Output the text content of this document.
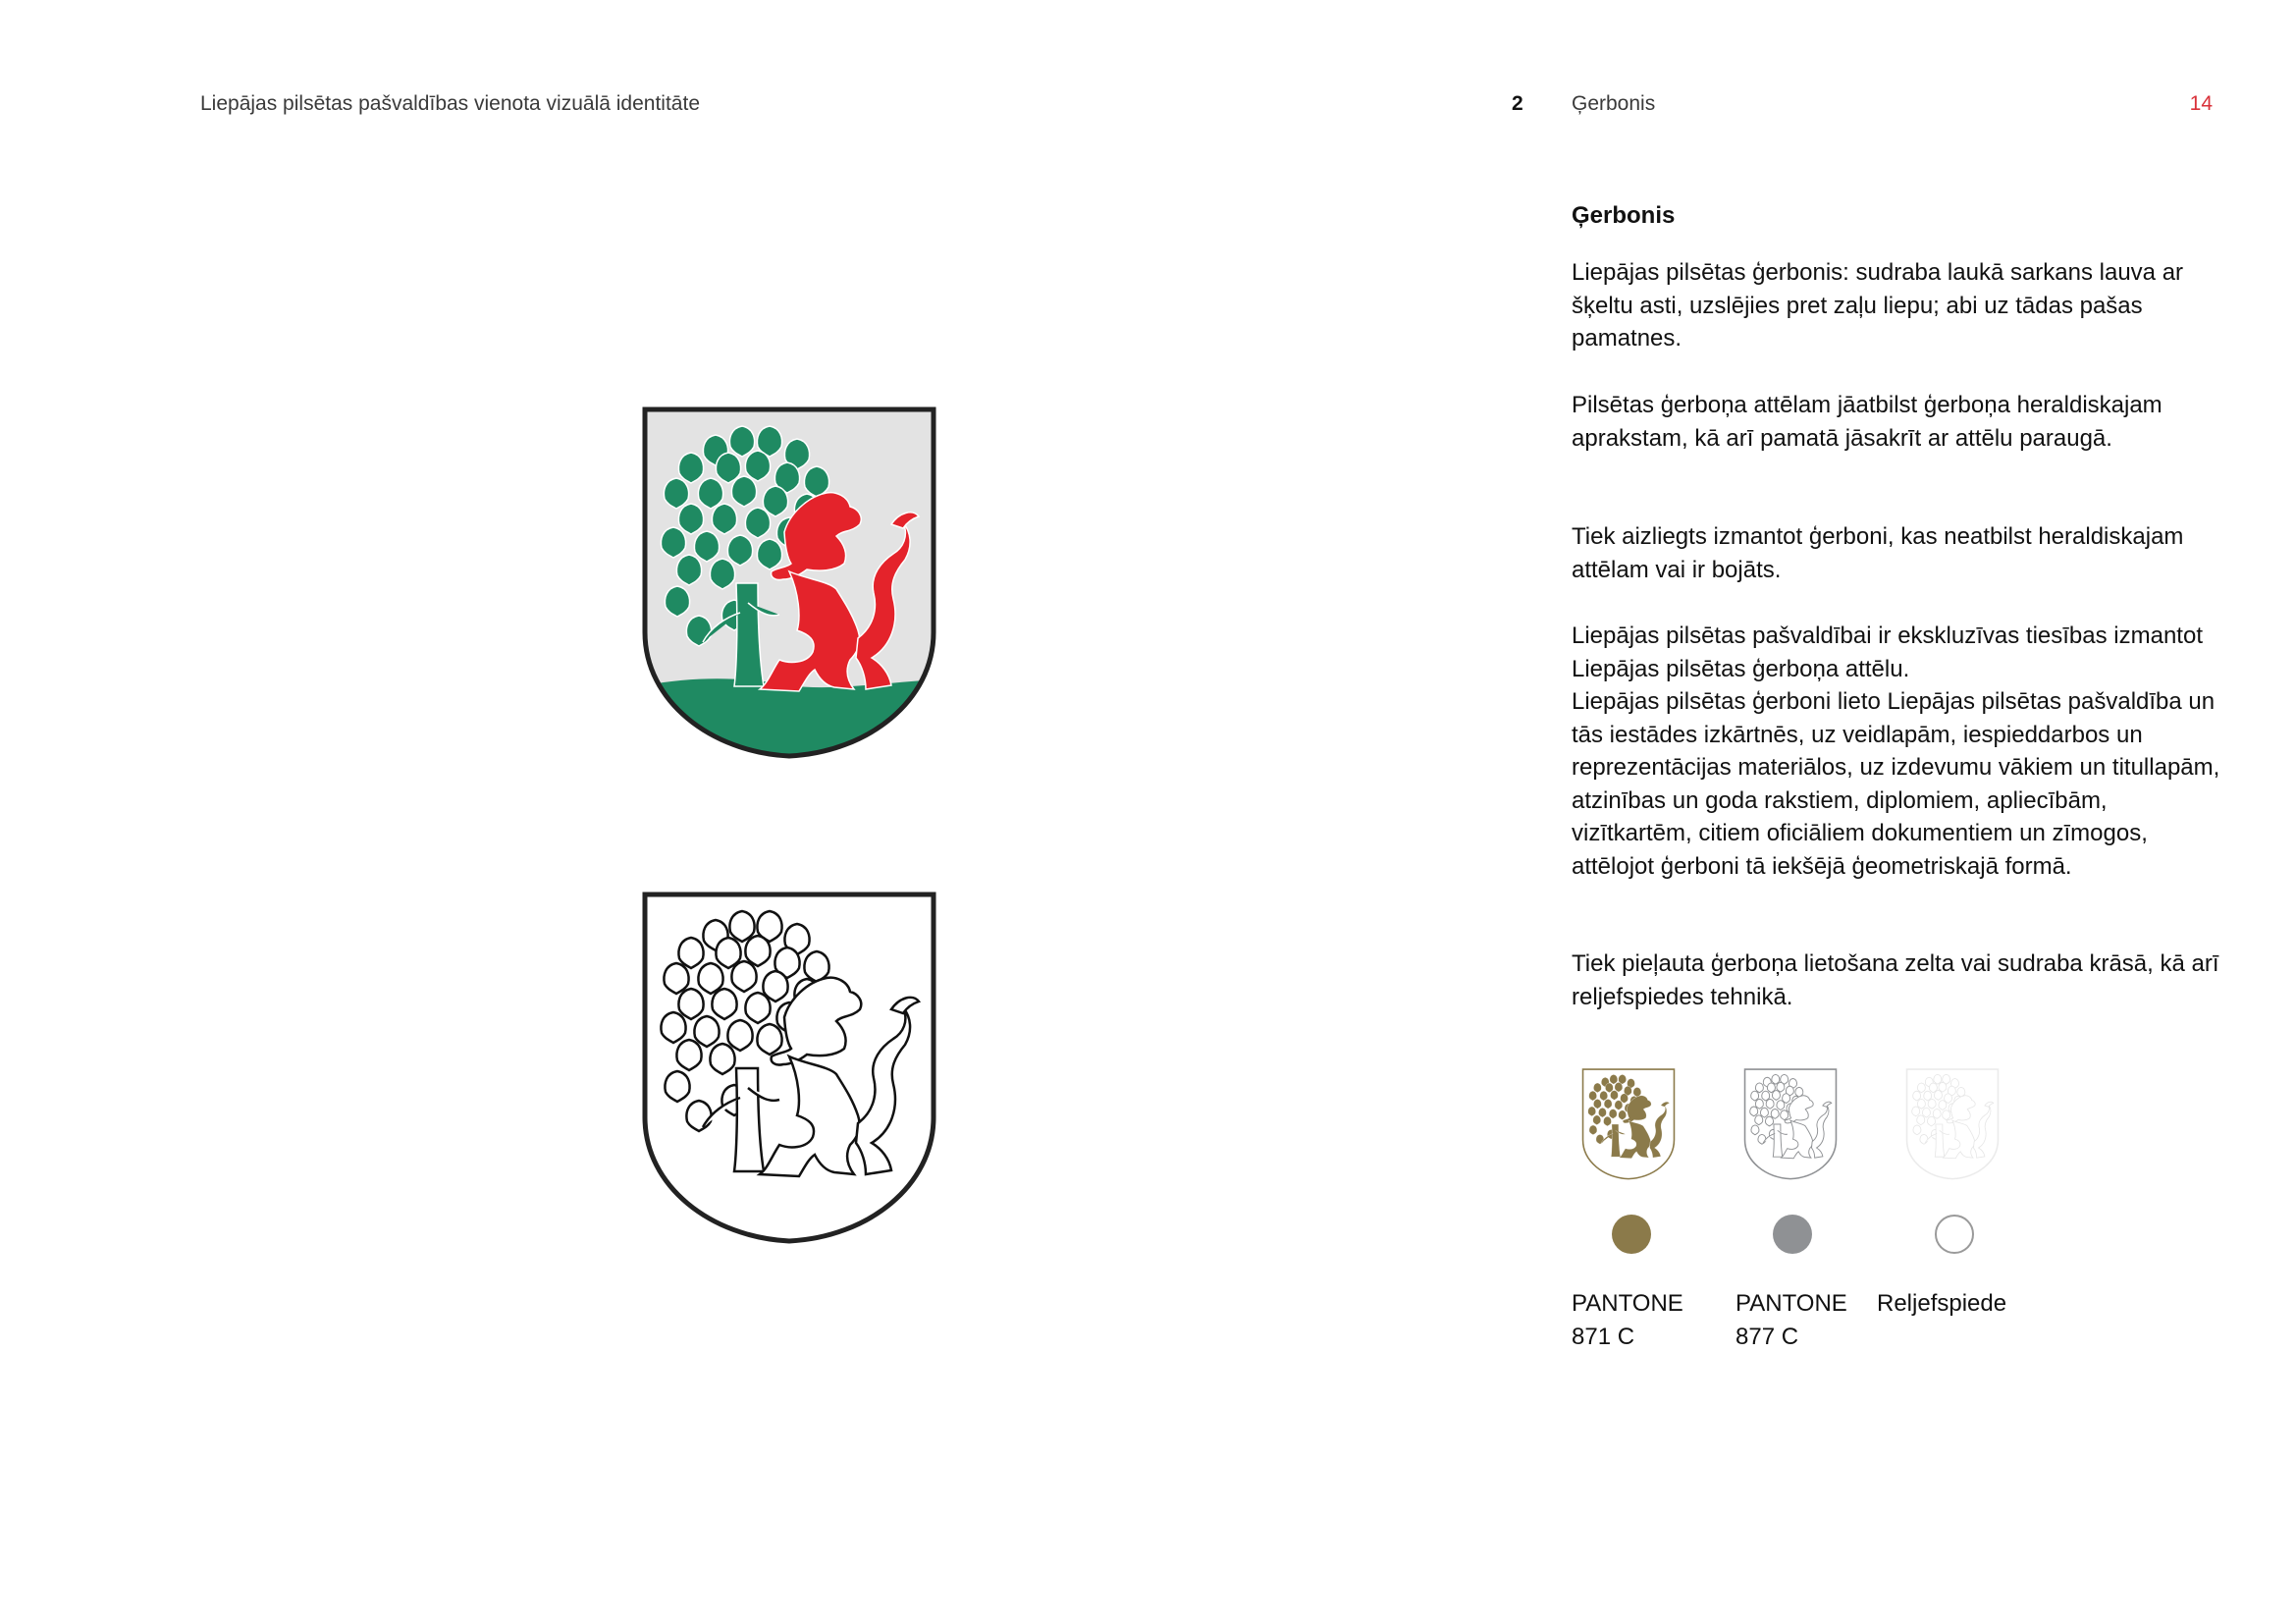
Liepājas pilsētas pašvaldības vienota vizuālā identitāte	2 Ģerbonis	14
Ģerbonis

Liepājas pilsētas ģerbonis: sudraba laukā sarkans lauva ar šķeltu asti, uzslējies pret zaļu liepu; abi uz tādas pašas pamatnes.

Pilsētas ģerboņa attēlam jāatbilst ģerboņa heraldiskajam aprakstam, kā arī pamatā jāsakrīt ar attēlu paraugā.

Tiek aizliegts izmantot ģerboni, kas neatbilst heraldiskajam attēlam vai ir bojāts.

Liepājas pilsētas pašvaldībai ir ekskluzīvas tiesības izmantot Liepājas pilsētas ģerboņa attēlu.
Liepājas pilsētas ģerboni lieto Liepājas pilsētas pašvaldība un tās iestādes izkārtnēs, uz veidlapām, iespieddarbos un reprezentācijas materiālos, uz izdevumu vākiem un titullapām, atzinības un goda rakstiem, diplomiem, apliecībām, vizītkartēm, citiem oficiāliem dokumentiem un zīmogos, attēlojot ģerboni tā iekšējā ģeometriskajā formā.

Tiek pieļauta ģerboņa lietošana zelta vai sudraba krāsā, kā arī reljefspiedes tehnikā.

PANTONE
871 C
PANTONE
877 C
Reljefspiede
